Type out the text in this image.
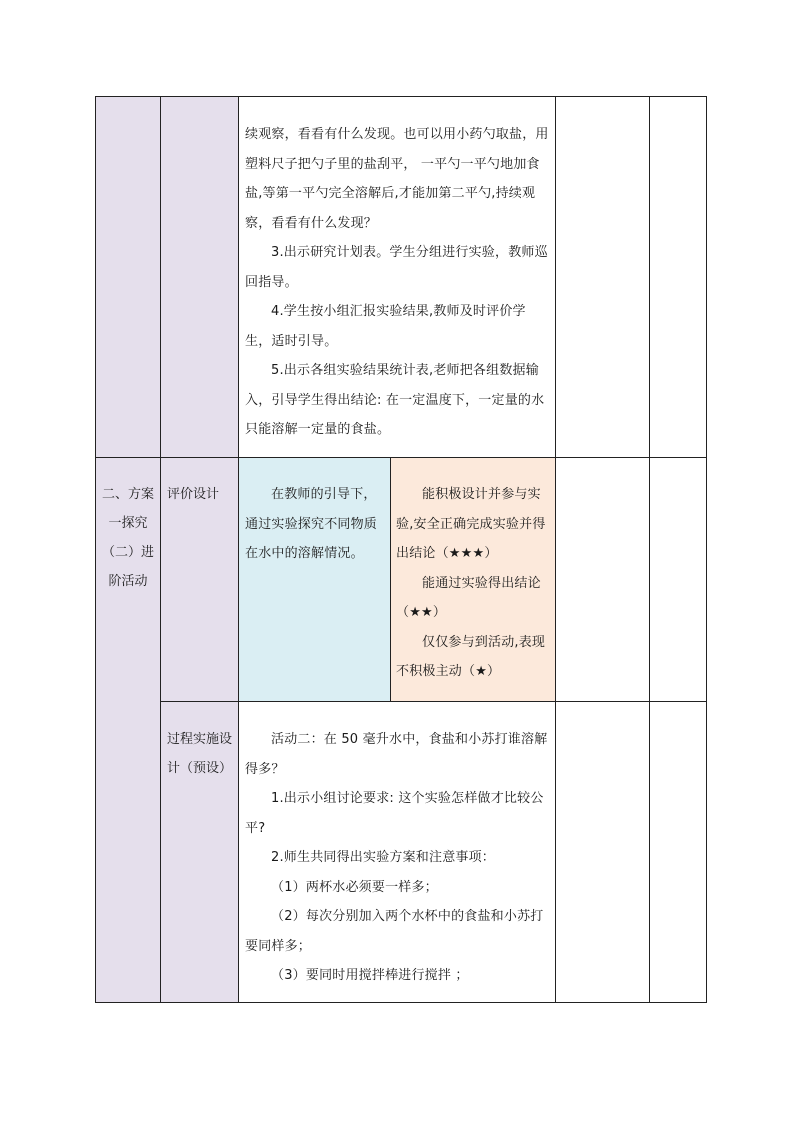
续观察，看看有什么发现。也可以用小药勺取盐，用塑料尺子把勺子里的盐刮平， 一平勺一平勺地加食盐,等第一平勺完全溶解后,才能加第二平勺,持续观察，看看有什么发现？

3.出示研究计划表。学生分组进行实验，教师巡回指导。

4.学生按小组汇报实验结果,教师及时评价学生，适时引导。

5.出示各组实验结果统计表,老师把各组数据输入，引导学生得出结论: 在一定温度下，一定量的水只能溶解一定量的食盐。

二、方案一探究（二）进阶活动
评价设计	在教师的引导下，通过实验探究不同物质在水中的溶解情况。

能积极设计并参与实验,安全正确完成实验并得出结论（★★★）

能通过实验得出结论（★★）

仅仅参与到活动,表现不积极主动（★）

过程实施设计（预设）

活动二：在 50 毫升水中，食盐和小苏打谁溶解得多？

1.出示小组讨论要求: 这个实验怎样做才比较公平?

2.师生共同得出实验方案和注意事项：

（1）两杯水必须要一样多；

（2）每次分别加入两个水杯中的食盐和小苏打要同样多；

（3）要同时用搅拌棒进行搅拌 ；
